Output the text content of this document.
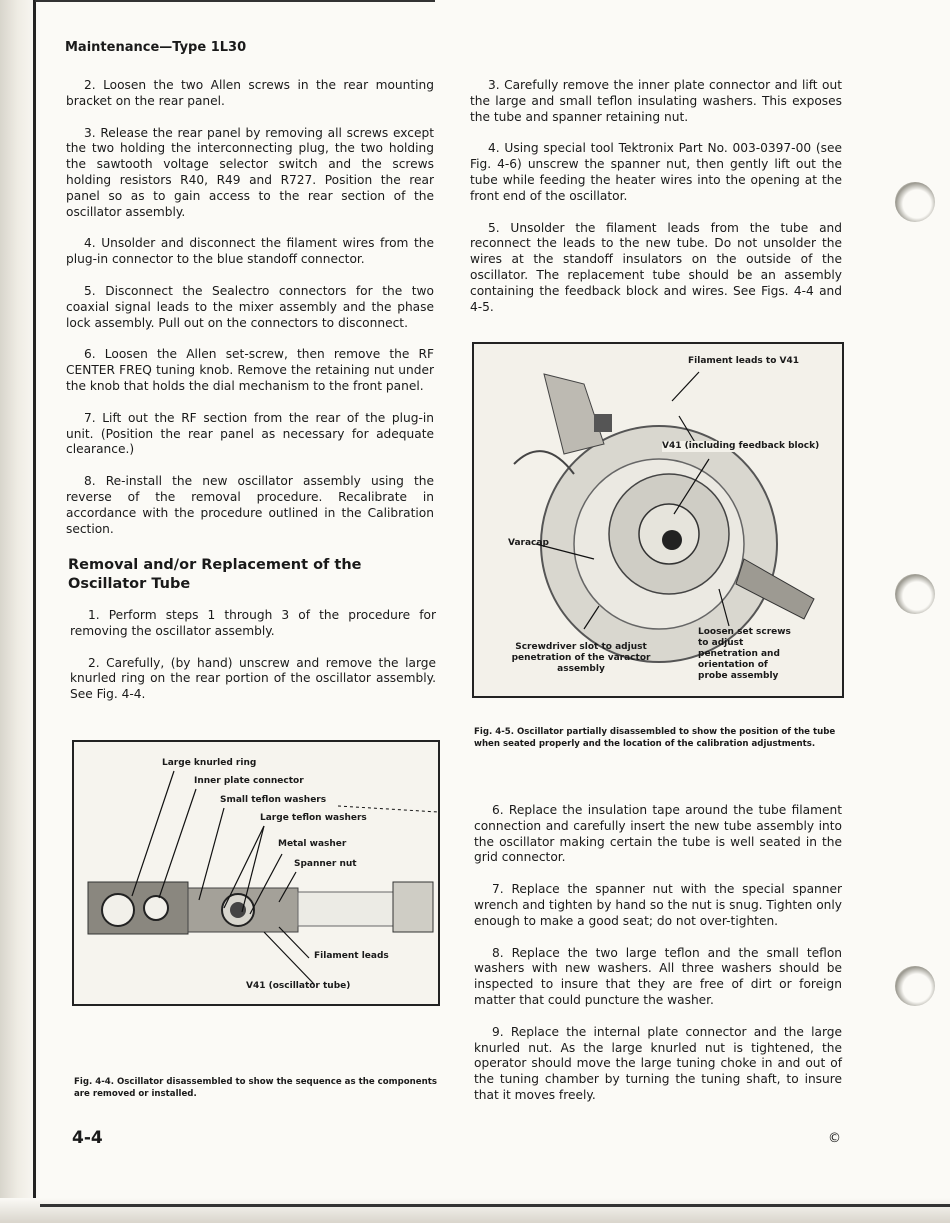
Maintenance—Type 1L30

2. Loosen the two Allen screws in the rear mounting bracket on the rear panel.

3. Release the rear panel by removing all screws except the two holding the interconnecting plug, the two holding the sawtooth voltage selector switch and the screws holding resistors R40, R49 and R727. Position the rear panel so as to gain access to the rear section of the oscillator assembly.

4. Unsolder and disconnect the filament wires from the plug-in connector to the blue standoff connector.

5. Disconnect the Sealectro connectors for the two coaxial signal leads to the mixer assembly and the phase lock assembly. Pull out on the connectors to disconnect.

6. Loosen the Allen set-screw, then remove the RF CENTER FREQ tuning knob. Remove the retaining nut under the knob that holds the dial mechanism to the front panel.

7. Lift out the RF section from the rear of the plug-in unit. (Position the rear panel as necessary for adequate clearance.)

8. Re-install the new oscillator assembly using the reverse of the removal procedure. Recalibrate in accordance with the procedure outlined in the Calibration section.

Removal and/or Replacement of the Oscillator Tube

1. Perform steps 1 through 3 of the procedure for removing the oscillator assembly.

2. Carefully, (by hand) unscrew and remove the large knurled ring on the rear portion of the oscillator assembly. See Fig. 4-4.

3. Carefully remove the inner plate connector and lift out the large and small teflon insulating washers. This exposes the tube and spanner retaining nut.

4. Using special tool Tektronix Part No. 003-0397-00 (see Fig. 4-6) unscrew the spanner nut, then gently lift out the tube while feeding the heater wires into the opening at the front end of the oscillator.

5. Unsolder the filament leads from the tube and reconnect the leads to the new tube. Do not unsolder the wires at the standoff insulators on the outside of the oscillator. The replacement tube should be an assembly containing the feedback block and wires. See Figs. 4-4 and 4-5.

Filament leads to V41
V41 (including feedback block)
Varacap
Screwdriver slot to adjust penetration of the varactor assembly
Loosen set screws to adjust penetration and orientation of probe assembly
Fig. 4-5. Oscillator partially disassembled to show the position of the tube when seated properly and the location of the calibration adjustments.

6. Replace the insulation tape around the tube filament connection and carefully insert the new tube assembly into the oscillator making certain the tube is well seated in the grid connector.

7. Replace the spanner nut with the special spanner wrench and tighten by hand so the nut is snug. Tighten only enough to make a good seat; do not over-tighten.

8. Replace the two large teflon and the small teflon washers with new washers. All three washers should be inspected to insure that they are free of dirt or foreign matter that could puncture the washer.

9. Replace the internal plate connector and the large knurled nut. As the large knurled nut is tightened, the operator should move the large tuning choke in and out of the tuning chamber by turning the tuning shaft, to insure that it moves freely.

Large knurled ring
Inner plate connector
Small teflon washers
Large teflon washers
Metal washer
Spanner nut
Filament leads
V41 (oscillator tube)
Fig. 4-4. Oscillator disassembled to show the sequence as the components are removed or installed.
4-4	©
